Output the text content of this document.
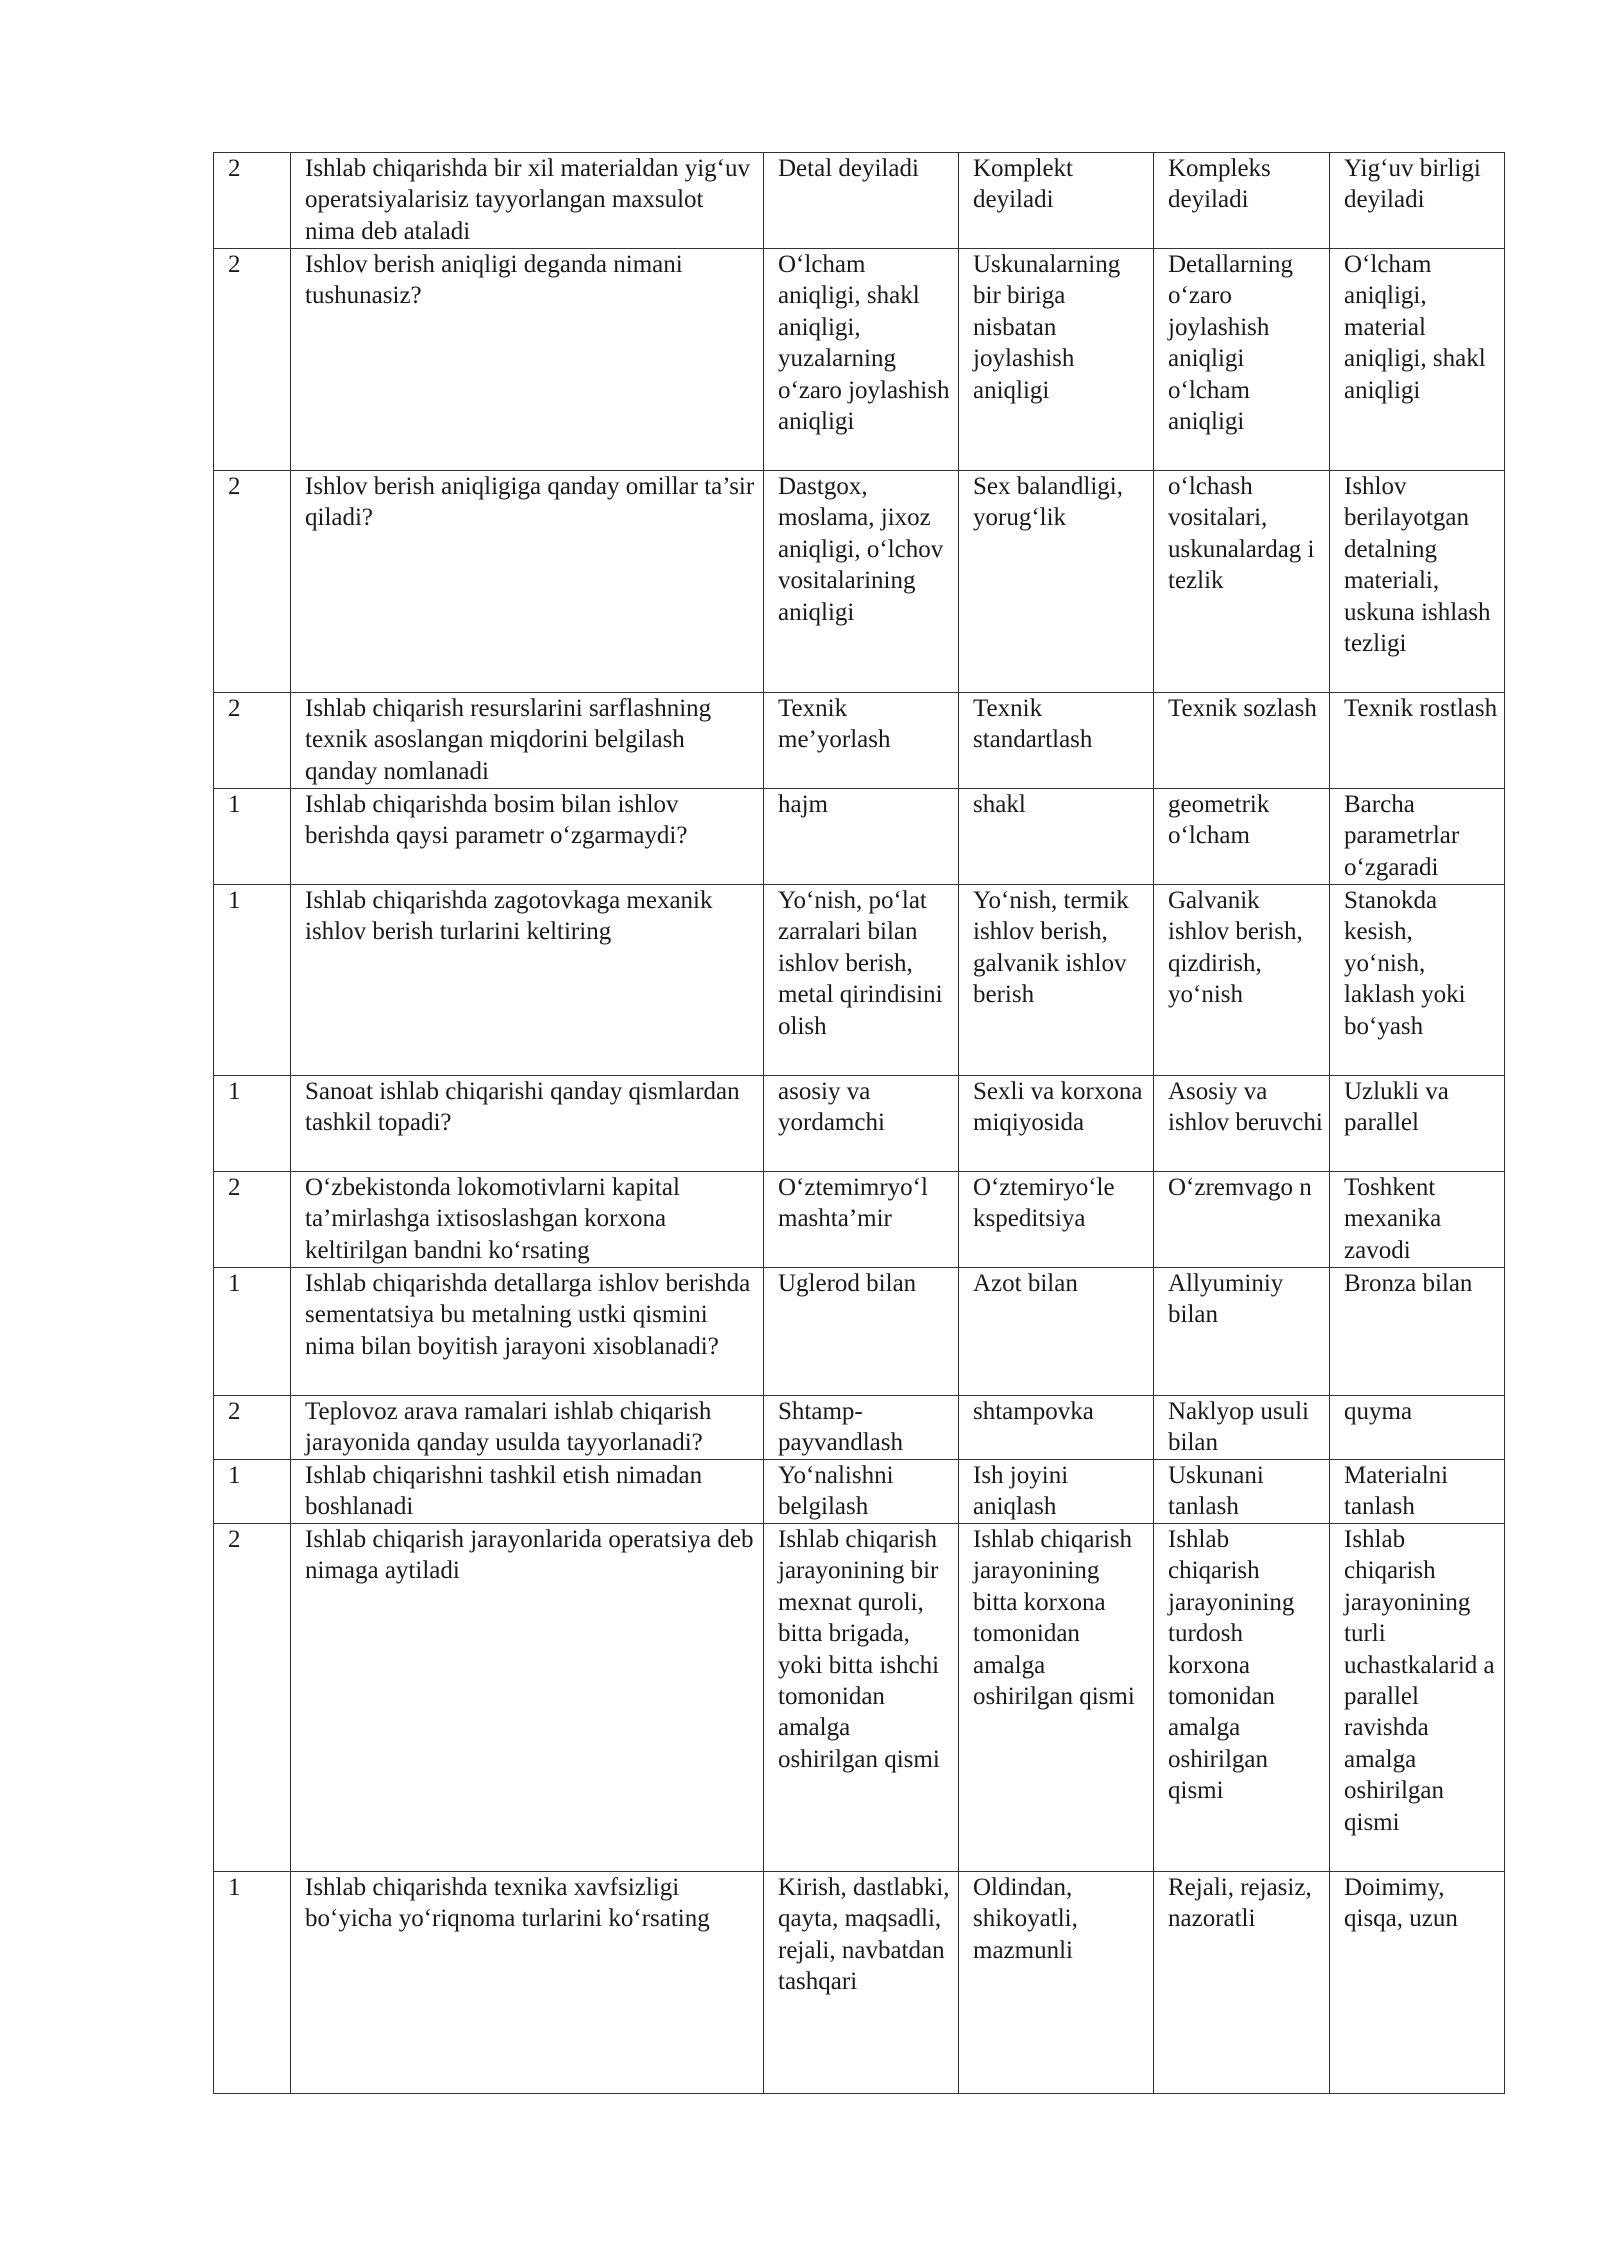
2	Ishlab chiqarishda bir xil materialdan yig‘uv operatsiyalarisiz tayyorlangan maxsulot nima deb ataladi	Detal deyiladi	Komplekt deyiladi	Kompleks deyiladi	Yig‘uv birligi deyiladi
2	Ishlov berish aniqligi deganda nimani tushunasiz?	O‘lcham aniqligi, shakl aniqligi, yuzalarning o‘zaro joylashish aniqligi	Uskunalarning bir biriga nisbatan joylashish aniqligi	Detallarning o‘zaro joylashish aniqligi o‘lcham aniqligi	O‘lcham aniqligi, material aniqligi, shakl aniqligi
2	Ishlov berish aniqligiga qanday omillar ta’sir qiladi?	Dastgox, moslama, jixoz aniqligi, o‘lchov vositalarining aniqligi	Sex balandligi, yorug‘lik	o‘lchash vositalari, uskunalardag i tezlik	Ishlov berilayotgan detalning materiali, uskuna ishlash tezligi
2	Ishlab chiqarish resurslarini sarflashning texnik asoslangan miqdorini belgilash qanday nomlanadi	Texnik me’yorlash	Texnik standartlash	Texnik sozlash	Texnik rostlash
1	Ishlab chiqarishda bosim bilan ishlov berishda qaysi parametr o‘zgarmaydi?	hajm	shakl	geometrik o‘lcham	Barcha parametrlar o‘zgaradi
1	Ishlab chiqarishda zagotovkaga mexanik ishlov berish turlarini keltiring	Yo‘nish, po‘lat zarralari bilan ishlov berish, metal qirindisini olish	Yo‘nish, termik ishlov berish, galvanik ishlov berish	Galvanik ishlov berish, qizdirish, yo‘nish	Stanokda kesish, yo‘nish, laklash yoki bo‘yash
1	Sanoat ishlab chiqarishi qanday qismlardan tashkil topadi?	asosiy va yordamchi	Sexli va korxona miqiyosida	Asosiy va ishlov beruvchi	Uzlukli va parallel
2	O‘zbekistonda lokomotivlarni kapital ta’mirlashga ixtisoslashgan korxona keltirilgan bandni ko‘rsating	O‘ztemimryo‘l mashta’mir	O‘ztemiryo‘le kspeditsiya	O‘zremvago n	Toshkent mexanika zavodi
1	Ishlab chiqarishda detallarga ishlov berishda sementatsiya bu metalning ustki qismini nima bilan boyitish jarayoni xisoblanadi?	Uglerod bilan	Azot bilan	Allyuminiy bilan	Bronza bilan
2	Teplovoz arava ramalari ishlab chiqarish jarayonida qanday usulda tayyorlanadi?	Shtamp-payvandlash	shtampovka	Naklyop usuli bilan	quyma
1	Ishlab chiqarishni tashkil etish nimadan boshlanadi	Yo‘nalishni belgilash	Ish joyini aniqlash	Uskunani tanlash	Materialni tanlash
2	Ishlab chiqarish jarayonlarida operatsiya deb nimaga aytiladi	Ishlab chiqarish jarayonining bir mexnat quroli, bitta brigada, yoki bitta ishchi tomonidan amalga oshirilgan qismi	Ishlab chiqarish jarayonining bitta korxona tomonidan amalga oshirilgan qismi	Ishlab chiqarish jarayonining turdosh korxona tomonidan amalga oshirilgan qismi	Ishlab chiqarish jarayonining turli uchastkalarid a parallel ravishda amalga oshirilgan qismi
1	Ishlab chiqarishda texnika xavfsizligi bo‘yicha yo‘riqnoma turlarini ko‘rsating	Kirish, dastlabki, qayta, maqsadli, rejali, navbatdan tashqari	Oldindan, shikoyatli, mazmunli	Rejali, rejasiz, nazoratli	Doimimy, qisqa, uzun
